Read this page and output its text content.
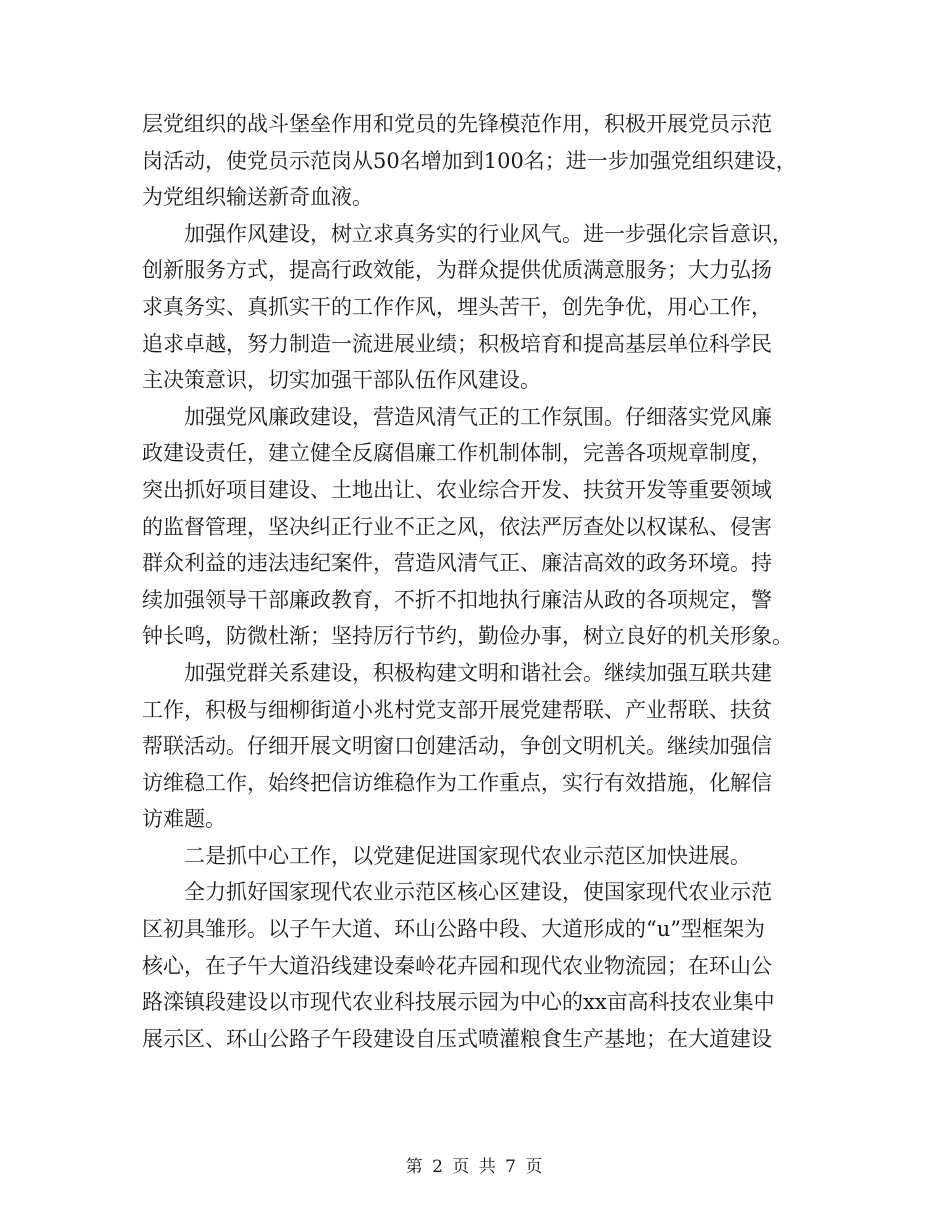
层党组织的战斗堡垒作用和党员的先锋模范作用，积极开展党员示范
岗活动，使党员示范岗从50名增加到100名；进一步加强党组织建设，
为党组织输送新奇血液。
　　加强作风建设，树立求真务实的行业风气。进一步强化宗旨意识，
创新服务方式，提高行政效能，为群众提供优质满意服务；大力弘扬
求真务实、真抓实干的工作作风，埋头苦干，创先争优，用心工作，
追求卓越，努力制造一流进展业绩；积极培育和提高基层单位科学民
主决策意识，切实加强干部队伍作风建设。
　　加强党风廉政建设，营造风清气正的工作氛围。仔细落实党风廉
政建设责任，建立健全反腐倡廉工作机制体制，完善各项规章制度，
突出抓好项目建设、土地出让、农业综合开发、扶贫开发等重要领域
的监督管理，坚决纠正行业不正之风，依法严厉查处以权谋私、侵害
群众利益的违法违纪案件，营造风清气正、廉洁高效的政务环境。持
续加强领导干部廉政教育，不折不扣地执行廉洁从政的各项规定，警
钟长鸣，防微杜渐；坚持厉行节约，勤俭办事，树立良好的机关形象。
　　加强党群关系建设，积极构建文明和谐社会。继续加强互联共建
工作，积极与细柳街道小兆村党支部开展党建帮联、产业帮联、扶贫
帮联活动。仔细开展文明窗口创建活动，争创文明机关。继续加强信
访维稳工作，始终把信访维稳作为工作重点，实行有效措施，化解信
访难题。
　　二是抓中心工作，以党建促进国家现代农业示范区加快进展。
　　全力抓好国家现代农业示范区核心区建设，使国家现代农业示范
区初具雏形。以子午大道、环山公路中段、大道形成的“u”型框架为
核心，在子午大道沿线建设秦岭花卉园和现代农业物流园；在环山公
路滦镇段建设以市现代农业科技展示园为中心的xx亩高科技农业集中
展示区、环山公路子午段建设自压式喷灌粮食生产基地；在大道建设
第 2 页 共 7 页
